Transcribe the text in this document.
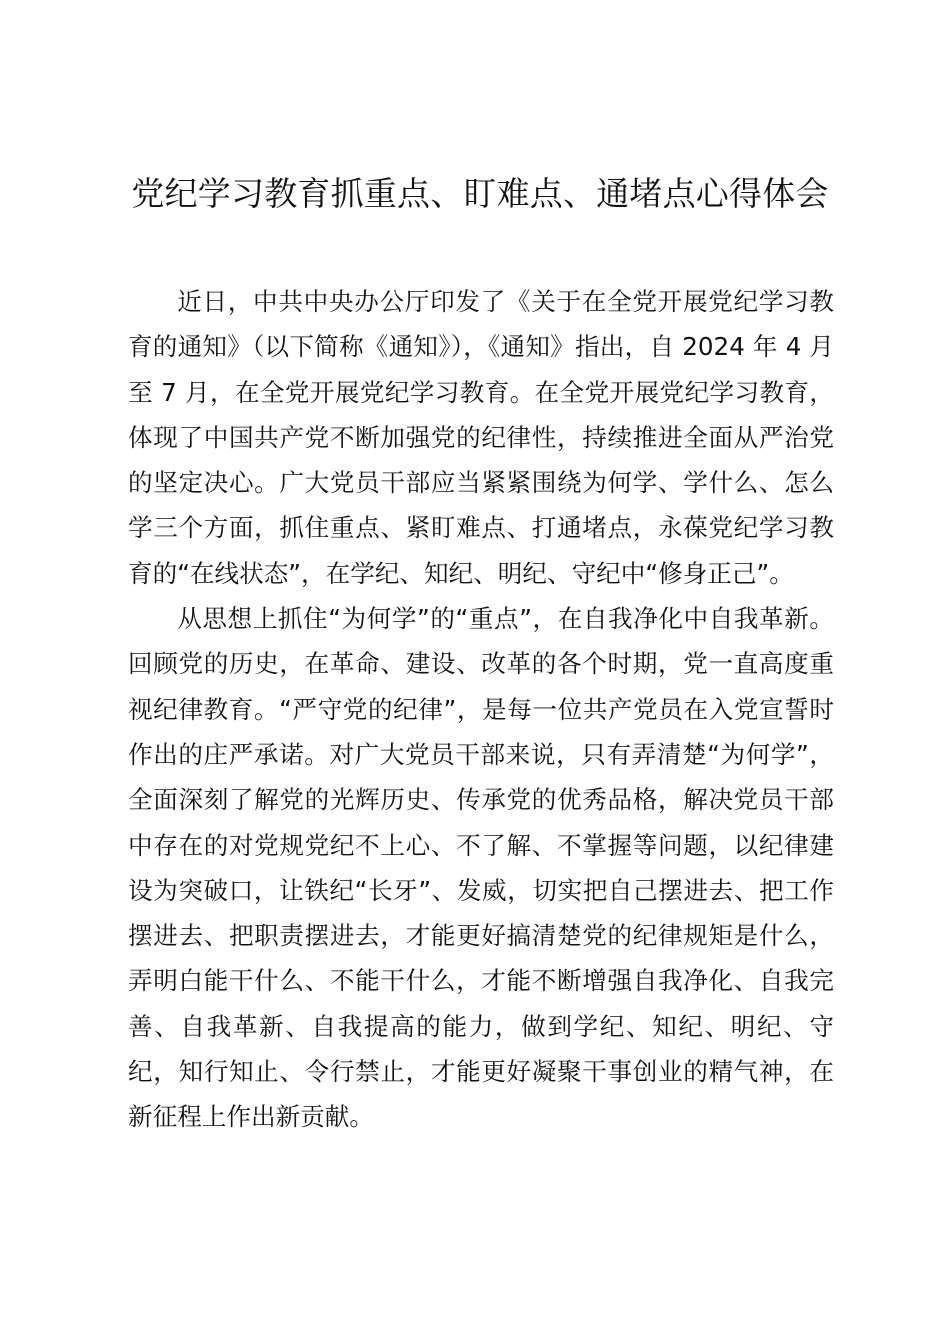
党纪学习教育抓重点、盯难点、通堵点心得体会

近日，中共中央办公厅印发了《关于在全党开展党纪学习教育的通知》（以下简称《通知》），《通知》指出，自 2024 年 4 月至 7 月，在全党开展党纪学习教育。在全党开展党纪学习教育，体现了中国共产党不断加强党的纪律性，持续推进全面从严治党的坚定决心。广大党员干部应当紧紧围绕为何学、学什么、怎么学三个方面，抓住重点、紧盯难点、打通堵点，永葆党纪学习教育的“在线状态”，在学纪、知纪、明纪、守纪中“修身正己”。

从思想上抓住“为何学”的“重点”，在自我净化中自我革新。回顾党的历史，在革命、建设、改革的各个时期，党一直高度重视纪律教育。“严守党的纪律”，是每一位共产党员在入党宣誓时作出的庄严承诺。对广大党员干部来说，只有弄清楚“为何学”，全面深刻了解党的光辉历史、传承党的优秀品格，解决党员干部中存在的对党规党纪不上心、不了解、不掌握等问题，以纪律建设为突破口，让铁纪“长牙”、发威，切实把自己摆进去、把工作摆进去、把职责摆进去，才能更好搞清楚党的纪律规矩是什么，弄明白能干什么、不能干什么，才能不断增强自我净化、自我完善、自我革新、自我提高的能力，做到学纪、知纪、明纪、守纪，知行知止、令行禁止，才能更好凝聚干事创业的精气神，在新征程上作出新贡献。
